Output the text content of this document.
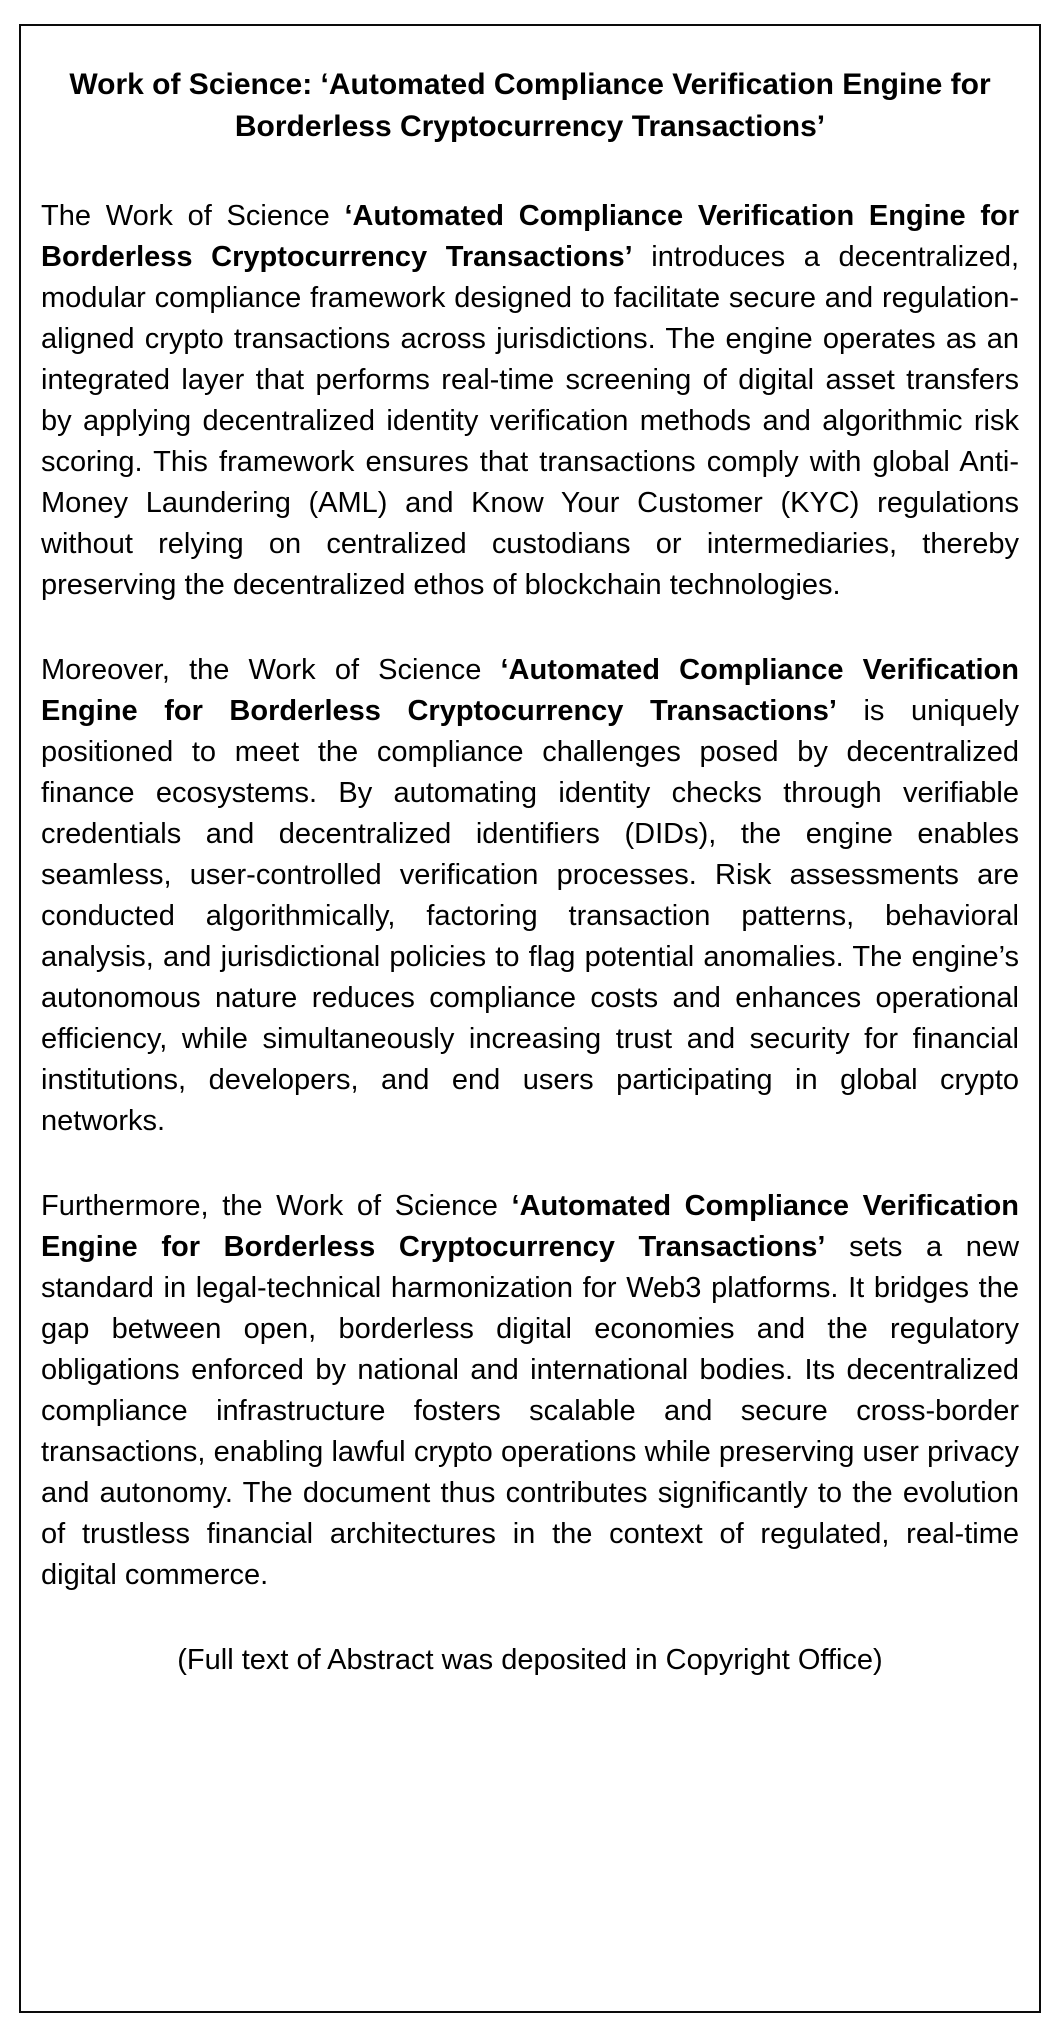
Work of Science: ‘Automated Compliance Verification Engine for Borderless Cryptocurrency Transactions’

The Work of Science ‘Automated Compliance Verification Engine for Borderless Cryptocurrency Transactions’ introduces a decentralized, modular compliance framework designed to facilitate secure and regulation-aligned crypto transactions across jurisdictions. The engine operates as an integrated layer that performs real-time screening of digital asset transfers by applying decentralized identity verification methods and algorithmic risk scoring. This framework ensures that transactions comply with global Anti-Money Laundering (AML) and Know Your Customer (KYC) regulations without relying on centralized custodians or intermediaries, thereby preserving the decentralized ethos of blockchain technologies.

Moreover, the Work of Science ‘Automated Compliance Verification Engine for Borderless Cryptocurrency Transactions’ is uniquely positioned to meet the compliance challenges posed by decentralized finance ecosystems. By automating identity checks through verifiable credentials and decentralized identifiers (DIDs), the engine enables seamless, user-controlled verification processes. Risk assessments are conducted algorithmically, factoring transaction patterns, behavioral analysis, and jurisdictional policies to flag potential anomalies. The engine’s autonomous nature reduces compliance costs and enhances operational efficiency, while simultaneously increasing trust and security for financial institutions, developers, and end users participating in global crypto networks.

Furthermore, the Work of Science ‘Automated Compliance Verification Engine for Borderless Cryptocurrency Transactions’ sets a new standard in legal-technical harmonization for Web3 platforms. It bridges the gap between open, borderless digital economies and the regulatory obligations enforced by national and international bodies. Its decentralized compliance infrastructure fosters scalable and secure cross-border transactions, enabling lawful crypto operations while preserving user privacy and autonomy. The document thus contributes significantly to the evolution of trustless financial architectures in the context of regulated, real-time digital commerce.

(Full text of Abstract was deposited in Copyright Office)
